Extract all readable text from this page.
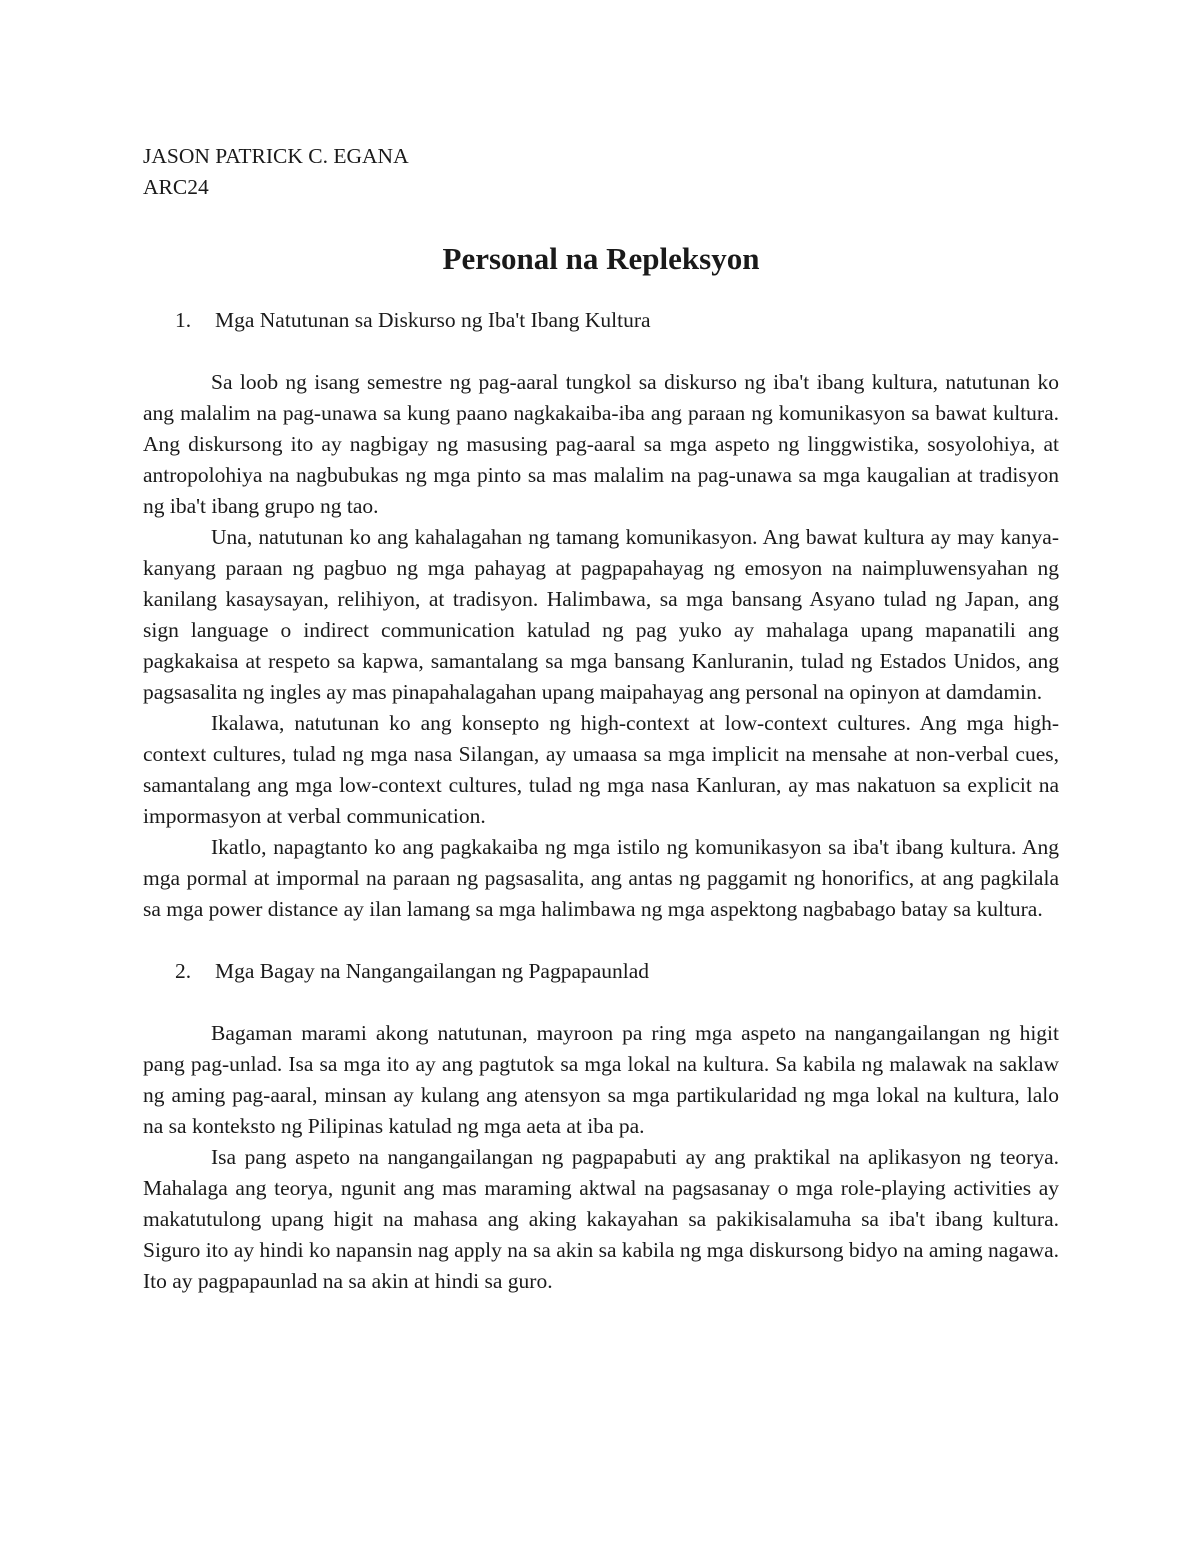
JASON PATRICK C. EGANA

ARC24

Personal na Repleksyon
1.	Mga Natutunan sa Diskurso ng Iba't Ibang Kultura

Sa loob ng isang semestre ng pag-aaral tungkol sa diskurso ng iba't ibang kultura, natutunan ko ang malalim na pag-unawa sa kung paano nagkakaiba-iba ang paraan ng komunikasyon sa bawat kultura. Ang diskursong ito ay nagbigay ng masusing pag-aaral sa mga aspeto ng linggwistika, sosyolohiya, at antropolohiya na nagbubukas ng mga pinto sa mas malalim na pag-unawa sa mga kaugalian at tradisyon ng iba't ibang grupo ng tao.

Una, natutunan ko ang kahalagahan ng tamang komunikasyon. Ang bawat kultura ay may kanya-kanyang paraan ng pagbuo ng mga pahayag at pagpapahayag ng emosyon na naimpluwensyahan ng kanilang kasaysayan, relihiyon, at tradisyon. Halimbawa, sa mga bansang Asyano tulad ng Japan, ang sign language o indirect communication katulad ng pag yuko ay mahalaga upang mapanatili ang pagkakaisa at respeto sa kapwa, samantalang sa mga bansang Kanluranin, tulad ng Estados Unidos, ang pagsasalita ng ingles ay mas pinapahalagahan upang maipahayag ang personal na opinyon at damdamin.

Ikalawa, natutunan ko ang konsepto ng high-context at low-context cultures. Ang mga high-context cultures, tulad ng mga nasa Silangan, ay umaasa sa mga implicit na mensahe at non-verbal cues, samantalang ang mga low-context cultures, tulad ng mga nasa Kanluran, ay mas nakatuon sa explicit na impormasyon at verbal communication.

Ikatlo, napagtanto ko ang pagkakaiba ng mga istilo ng komunikasyon sa iba't ibang kultura. Ang mga pormal at impormal na paraan ng pagsasalita, ang antas ng paggamit ng honorifics, at ang pagkilala sa mga power distance ay ilan lamang sa mga halimbawa ng mga aspektong nagbabago batay sa kultura.

2.	Mga Bagay na Nangangailangan ng Pagpapaunlad

Bagaman marami akong natutunan, mayroon pa ring mga aspeto na nangangailangan ng higit pang pag-unlad. Isa sa mga ito ay ang pagtutok sa mga lokal na kultura. Sa kabila ng malawak na saklaw ng aming pag-aaral, minsan ay kulang ang atensyon sa mga partikularidad ng mga lokal na kultura, lalo na sa konteksto ng Pilipinas katulad ng mga aeta at iba pa.

Isa pang aspeto na nangangailangan ng pagpapabuti ay ang praktikal na aplikasyon ng teorya. Mahalaga ang teorya, ngunit ang mas maraming aktwal na pagsasanay o mga role-playing activities ay makatutulong upang higit na mahasa ang aking kakayahan sa pakikisalamuha sa iba't ibang kultura. Siguro ito ay hindi ko napansin nag apply na sa akin sa kabila ng mga diskursong bidyo na aming nagawa. Ito ay pagpapaunlad na sa akin at hindi sa guro.
